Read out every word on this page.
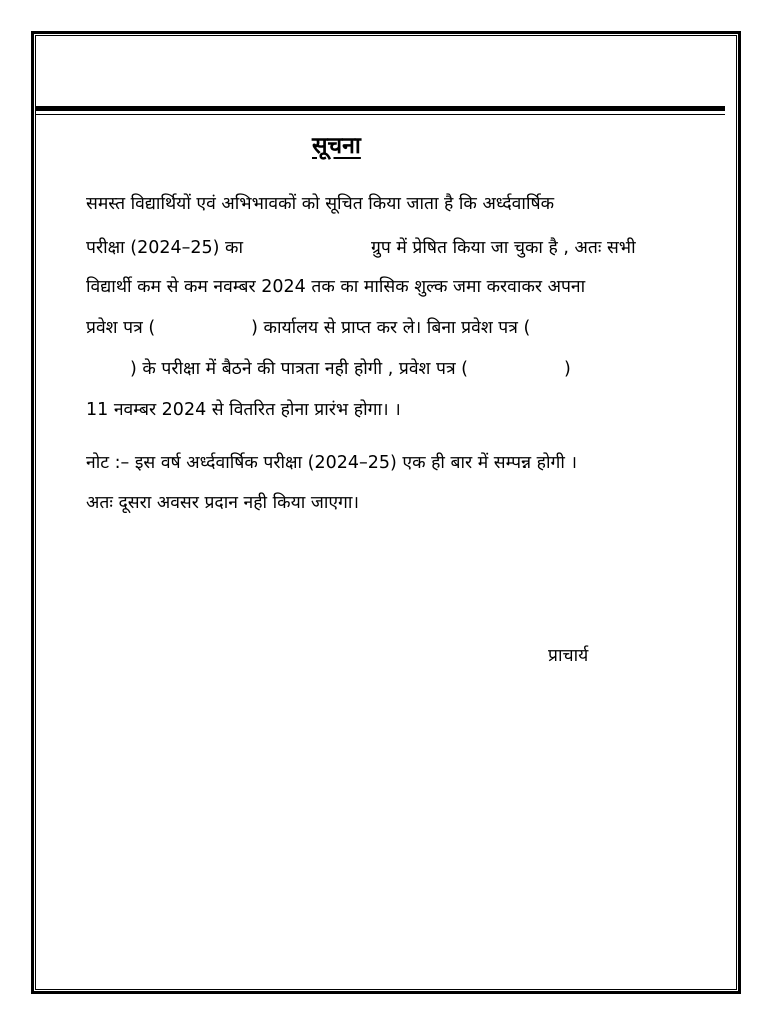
सूचना
समस्त विद्यार्थियों एवं अभिभावकों को सूचित किया जाता है कि अर्ध्दवार्षिक
परीक्षा (2024–25) का	ग्रुप में प्रेषित किया जा चुका है , अतः सभी
विद्यार्थी कम से कम नवम्बर 2024 तक का मासिक शुल्क जमा करवाकर अपना
प्रवेश पत्र (	) कार्यालय से प्राप्त कर ले। बिना प्रवेश पत्र (
) के परीक्षा में बैठने की पात्रता नही होगी , प्रवेश पत्र (	)
11 नवम्बर 2024 से वितरित होना प्रारंभ होगा। ।
नोट :– इस वर्ष अर्ध्दवार्षिक परीक्षा (2024–25) एक ही बार में सम्पन्न होगी ।
अतः दूसरा अवसर प्रदान नही किया जाएगा।
प्राचार्य
